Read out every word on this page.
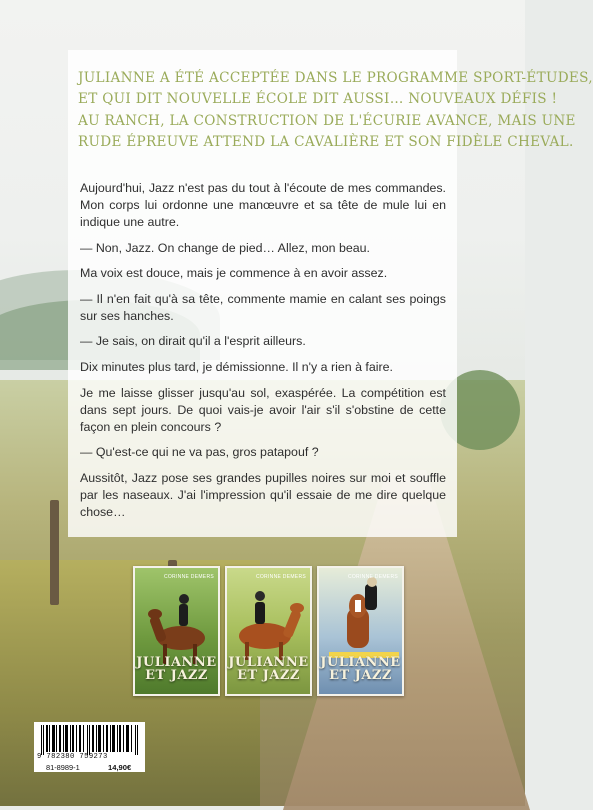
JULIANNE A ÉTÉ ACCEPTÉE DANS LE PROGRAMME SPORT-ÉTUDES,
ET QUI DIT NOUVELLE ÉCOLE DIT AUSSI… NOUVEAUX DÉFIS !
AU RANCH, LA CONSTRUCTION DE L'ÉCURIE AVANCE, MAIS UNE
RUDE ÉPREUVE ATTEND LA CAVALIÈRE ET SON FIDÈLE CHEVAL.

Aujourd'hui, Jazz n'est pas du tout à l'écoute de mes commandes. Mon corps lui ordonne une manœuvre et sa tête de mule lui en indique une autre.

— Non, Jazz. On change de pied… Allez, mon beau.

Ma voix est douce, mais je commence à en avoir assez.

— Il n'en fait qu'à sa tête, commente mamie en calant ses poings sur ses hanches.

— Je sais, on dirait qu'il a l'esprit ailleurs.

Dix minutes plus tard, je démissionne. Il n'y a rien à faire.

Je me laisse glisser jusqu'au sol, exaspérée. La compétition est dans sept jours. De quoi vais-je avoir l'air s'il s'obstine de cette façon en plein concours ?

— Qu'est-ce qui ne va pas, gros patapouf ?

Aussitôt, Jazz pose ses grandes pupilles noires sur moi et souffle par les naseaux. J'ai l'impression qu'il essaie de me dire quelque chose…

CORINNE DEMERS
JULIANNE
ET JAZZ
CORINNE DEMERS
JULIANNE
ET JAZZ
CORINNE DEMERS
JULIANNE
ET JAZZ
9 782380 759273
81-8989-1	14,90€
